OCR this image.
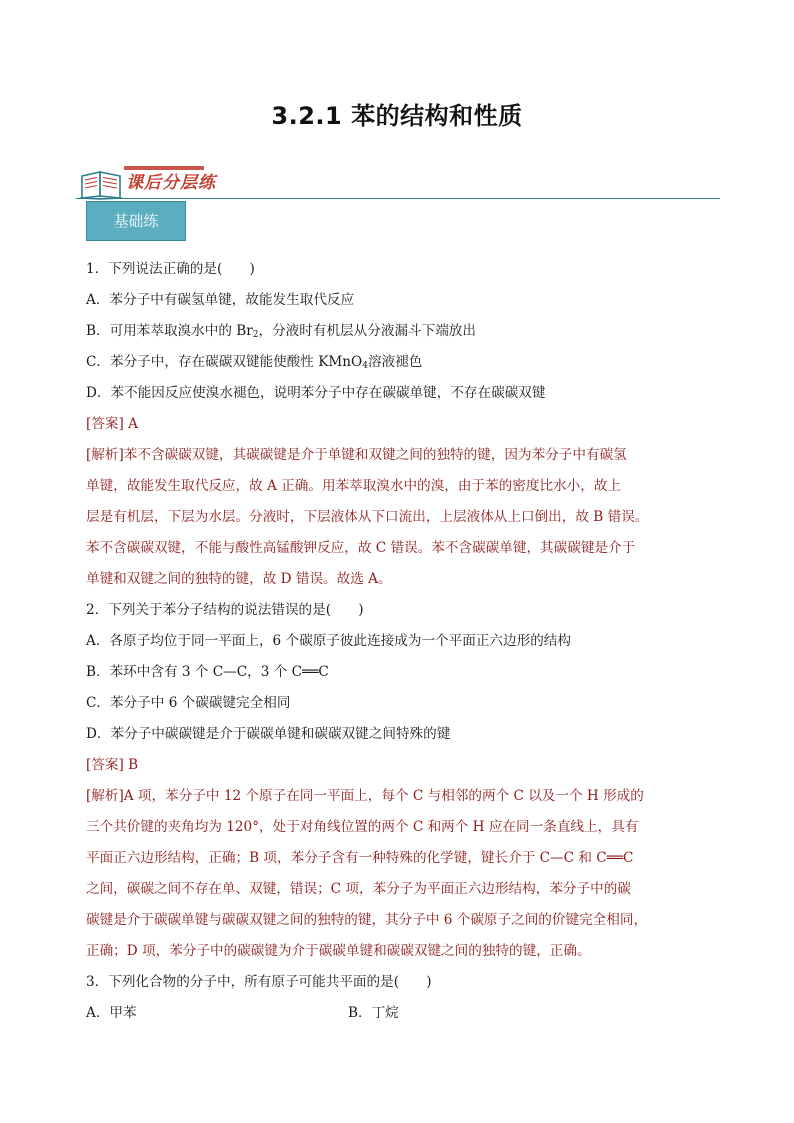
3.2.1 苯的结构和性质
课后分层练
基础练
1．下列说法正确的是(　　)
A．苯分子中有碳氢单键，故能发生取代反应
B．可用苯萃取溴水中的 $Br_2$，分液时有机层从分液漏斗下端放出
C．苯分子中，存在碳碳双键能使酸性 KMnO$_4$溶液褪色
D．苯不能因反应使溴水褪色，说明苯分子中存在碳碳单键，不存在碳碳双键
[答案] A
[解析]苯不含碳碳双键，其碳碳键是介于单键和双键之间的独特的键，因为苯分子中有碳氢
单键，故能发生取代反应，故 A 正确。用苯萃取溴水中的溴，由于苯的密度比水小，故上
层是有机层，下层为水层。分液时，下层液体从下口流出，上层液体从上口倒出，故 B 错误。
苯不含碳碳双键，不能与酸性高锰酸钾反应，故 C 错误。苯不含碳碳单键，其碳碳键是介于
单键和双键之间的独特的键，故 D 错误。故选 A。
2．下列关于苯分子结构的说法错误的是(　　)
A．各原子均位于同一平面上，6 个碳原子彼此连接成为一个平面正六边形的结构
B．苯环中含有 3 个 C—C，3 个 C══C
C．苯分子中 6 个碳碳键完全相同
D．苯分子中碳碳键是介于碳碳单键和碳碳双键之间特殊的键
[答案] B
[解析]A 项，苯分子中 12 个原子在同一平面上，每个 C 与相邻的两个 C 以及一个 H 形成的
三个共价键的夹角均为 120°，处于对角线位置的两个 C 和两个 H 应在同一条直线上，具有
平面正六边形结构，正确；B 项，苯分子含有一种特殊的化学键，键长介于 C—C 和 C══C
之间，碳碳之间不存在单、双键，错误；C 项，苯分子为平面正六边形结构，苯分子中的碳
碳键是介于碳碳单键与碳碳双键之间的独特的键，其分子中 6 个碳原子之间的价键完全相同，
正确；D 项，苯分子中的碳碳键为介于碳碳单键和碳碳双键之间的独特的键，正确。
3．下列化合物的分子中，所有原子可能共平面的是(　　)
A．甲苯	B．丁烷
